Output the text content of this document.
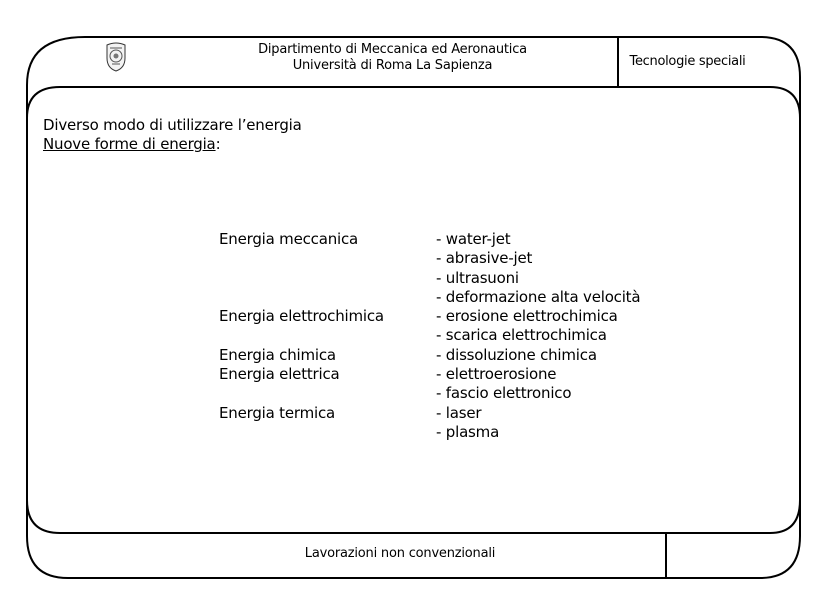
Dipartimento di Meccanica ed Aeronautica
Università di Roma La Sapienza	Tecnologie speciali
Diverso modo di utilizzare l’energia
Nuove forme di energia:
Energia meccanica
Energia elettrochimica
Energia chimica
Energia elettrica
Energia termica
- water-jet
- abrasive-jet
- ultrasuoni
- deformazione alta velocità
- erosione elettrochimica
- scarica elettrochimica
- dissoluzione chimica
- elettroerosione
- fascio elettronico
- laser
- plasma
Lavorazioni non convenzionali
